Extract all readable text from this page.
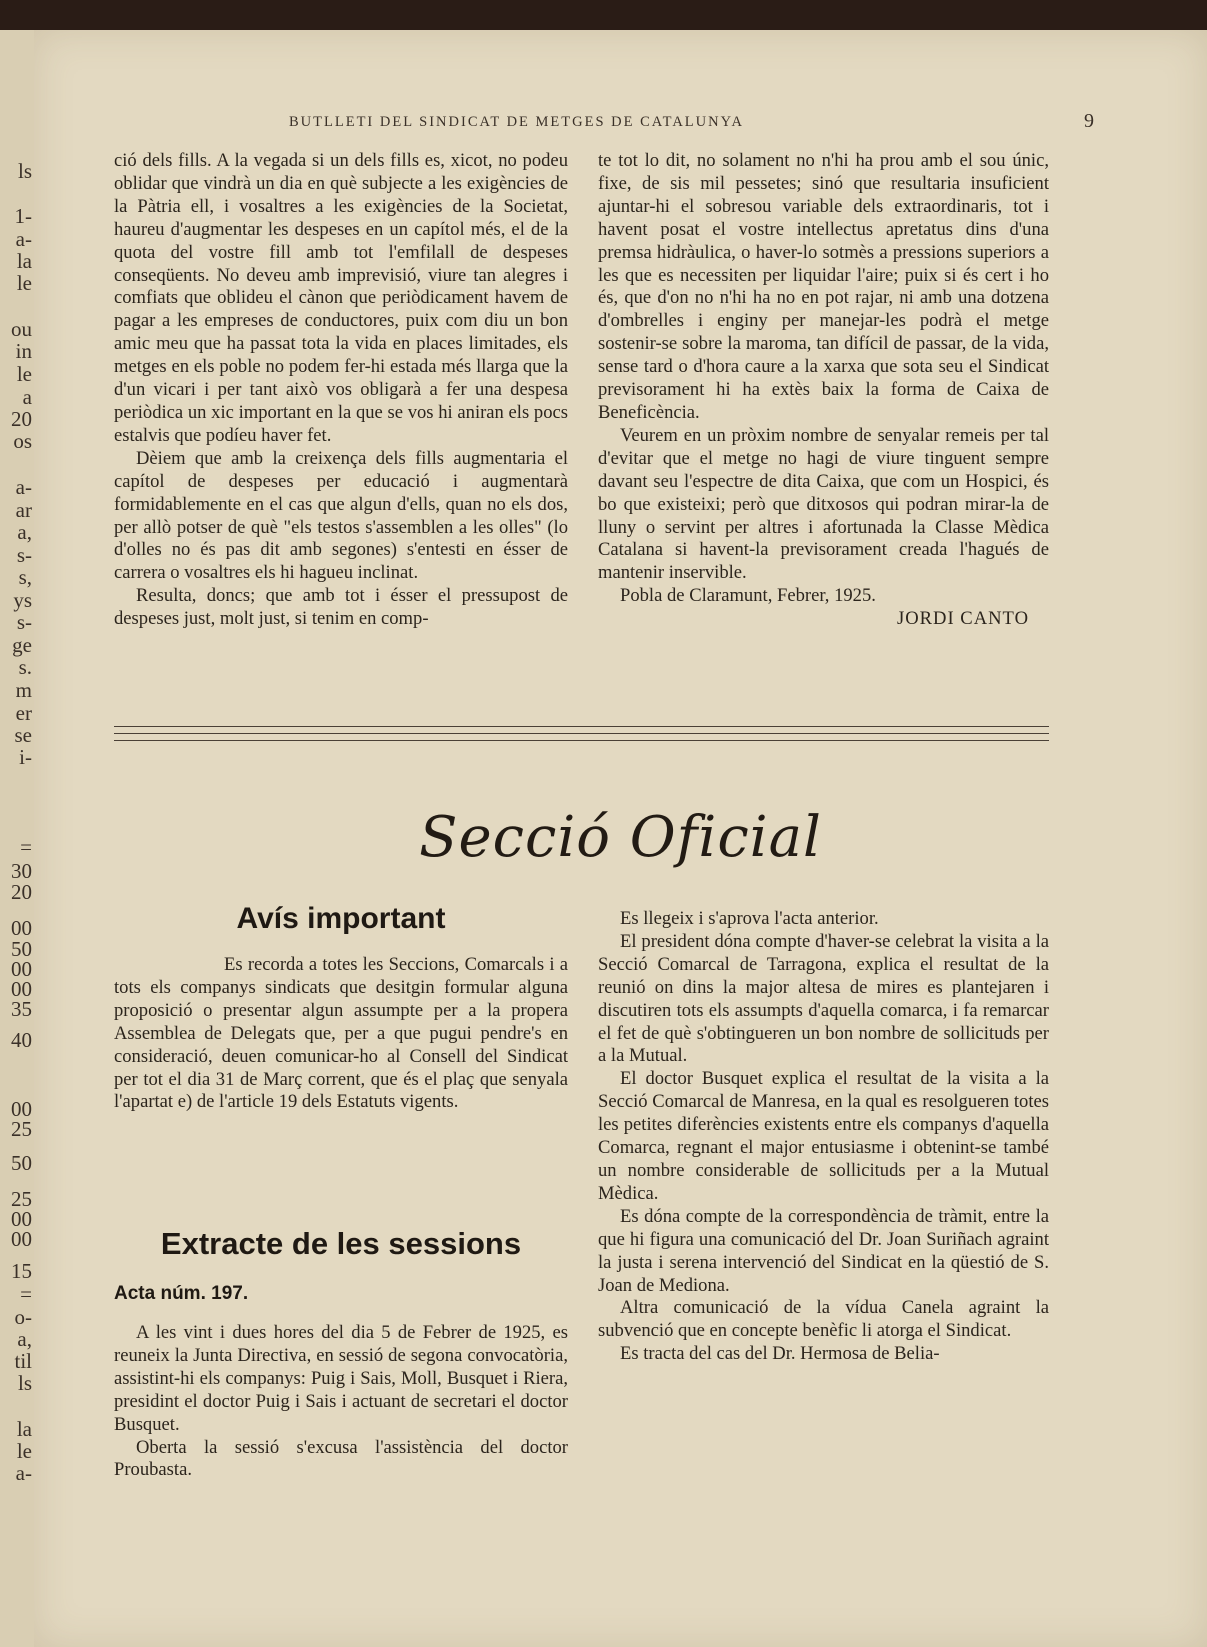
ls
1-
a-
la
le
ou
in
le
a
20
os
a-
ar
a,
s-
s,
ys
s-
ge
s.
m
er
se
i-
=
30
20
00
50
00
00
35
40
00
25
50
25
00
00
15
=
o-
a,
til
ls
la
le
a-
BUTLLETI DEL SINDICAT DE METGES DE CATALUNYA	9

ció dels fills. A la vegada si un dels fills es, xicot, no podeu oblidar que vindrà un dia en què subjecte a les exigències de la Pàtria ell, i vosaltres a les exigències de la Societat, haureu d'augmentar les despeses en un capítol més, el de la quota del vostre fill amb tot l'emfilall de despeses conseqüents. No deveu amb imprevisió, viure tan alegres i comfiats que oblideu el cànon que periòdicament havem de pagar a les empreses de conductores, puix com diu un bon amic meu que ha passat tota la vida en places limitades, els metges en els poble no podem fer-hi estada més llarga que la d'un vicari i per tant això vos obligarà a fer una despesa periòdica un xic important en la que se vos hi aniran els pocs estalvis que podíeu haver fet.

Dèiem que amb la creixença dels fills augmentaria el capítol de despeses per educació i augmentarà formidablemente en el cas que algun d'ells, quan no els dos, per allò potser de què "els testos s'assemblen a les olles" (lo d'olles no és pas dit amb segones) s'entesti en ésser de carrera o vosaltres els hi hagueu inclinat.

Resulta, doncs; que amb tot i ésser el pressupost de despeses just, molt just, si tenim en comp-

te tot lo dit, no solament no n'hi ha prou amb el sou únic, fixe, de sis mil pessetes; sinó que resultaria insuficient ajuntar-hi el sobresou variable dels extraordinaris, tot i havent posat el vostre intellectus apretatus dins d'una premsa hidràulica, o haver-lo sotmès a pressions superiors a les que es necessiten per liquidar l'aire; puix si és cert i ho és, que d'on no n'hi ha no en pot rajar, ni amb una dotzena d'ombrelles i enginy per manejar-les podrà el metge sostenir-se sobre la maroma, tan difícil de passar, de la vida, sense tard o d'hora caure a la xarxa que sota seu el Sindicat previsorament hi ha extès baix la forma de Caixa de Beneficència.

Veurem en un pròxim nombre de senyalar remeis per tal d'evitar que el metge no hagi de viure tinguent sempre davant seu l'espectre de dita Caixa, que com un Hospici, és bo que existeixi; però que ditxosos qui podran mirar-la de lluny o servint per altres i afortunada la Classe Mèdica Catalana si havent-la previsorament creada l'hagués de mantenir inservible.

Pobla de Claramunt, Febrer, 1925.

JORDI CANTO

Secció Oficial
Avís important

Es recorda a totes les Seccions, Comarcals i a tots els companys sindicats que desitgin formular alguna proposició o presentar algun assumpte per a la propera Assemblea de Delegats que, per a que pugui pendre's en consideració, deuen comunicar-ho al Consell del Sindicat per tot el dia 31 de Març corrent, que és el plaç que senyala l'apartat e) de l'article 19 dels Estatuts vigents.

Extracte de les sessions
Acta núm. 197.

A les vint i dues hores del dia 5 de Febrer de 1925, es reuneix la Junta Directiva, en sessió de segona convocatòria, assistint-hi els companys: Puig i Sais, Moll, Busquet i Riera, presidint el doctor Puig i Sais i actuant de secretari el doctor Busquet.

Oberta la sessió s'excusa l'assistència del doctor Proubasta.

Es llegeix i s'aprova l'acta anterior.

El president dóna compte d'haver-se celebrat la visita a la Secció Comarcal de Tarragona, explica el resultat de la reunió on dins la major altesa de mires es plantejaren i discutiren tots els assumpts d'aquella comarca, i fa remarcar el fet de què s'obtingueren un bon nombre de sollicituds per a la Mutual.

El doctor Busquet explica el resultat de la visita a la Secció Comarcal de Manresa, en la qual es resolgueren totes les petites diferències existents entre els companys d'aquella Comarca, regnant el major entusiasme i obtenint-se també un nombre considerable de sollicituds per a la Mutual Mèdica.

Es dóna compte de la correspondència de tràmit, entre la que hi figura una comunicació del Dr. Joan Suriñach agraint la justa i serena intervenció del Sindicat en la qüestió de S. Joan de Mediona.

Altra comunicació de la vídua Canela agraint la subvenció que en concepte benèfic li atorga el Sindicat.

Es tracta del cas del Dr. Hermosa de Belia-
